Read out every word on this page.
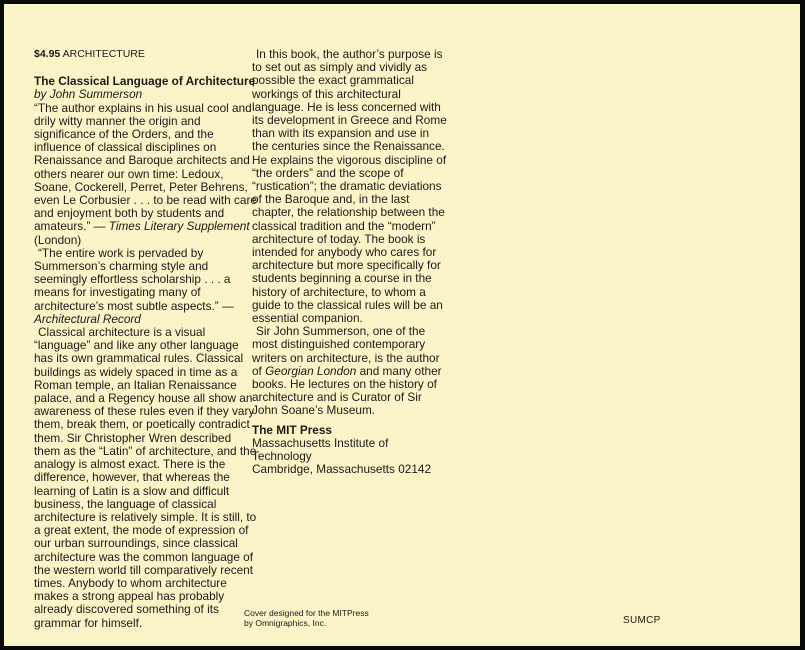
$4.95 ARCHITECTURE

The Classical Language of Architecture

by John Summerson

“The author explains in his usual cool and drily witty manner the origin and significance of the Orders, and the influence of classical disciplines on Renaissance and Baroque architects and others nearer our own time: Ledoux, Soane, Cockerell, Perret, Peter Behrens, even Le Corbusier . . . to be read with care and enjoyment both by students and amateurs.” — Times Literary Supplement (London)

“The entire work is pervaded by Summerson’s charming style and seemingly effortless scholarship . . . a means for investigating many of architecture’s most subtle aspects.” — Architectural Record

Classical architecture is a visual “language” and like any other language has its own grammatical rules. Classical buildings as widely spaced in time as a Roman temple, an Italian Renaissance palace, and a Regency house all show an awareness of these rules even if they vary them, break them, or poetically contradict them. Sir Christopher Wren described them as the “Latin” of architecture, and the analogy is almost exact. There is the difference, however, that whereas the learning of Latin is a slow and difficult business, the language of classical architecture is relatively simple. It is still, to a great extent, the mode of expression of our urban surroundings, since classical architecture was the common language of the western world till comparatively recent times. Anybody to whom architecture makes a strong appeal has probably already discovered something of its grammar for himself.

In this book, the author’s purpose is to set out as simply and vividly as possible the exact grammatical workings of this architectural language. He is less concerned with its development in Greece and Rome than with its expansion and use in the centuries since the Renaissance. He explains the vigorous discipline of “the orders” and the scope of “rustication”; the dramatic deviations of the Baroque and, in the last chapter, the relationship between the classical tradition and the “modern” architecture of today. The book is intended for anybody who cares for architecture but more specifically for students beginning a course in the history of architecture, to whom a guide to the classical rules will be an essential companion.

Sir John Summerson, one of the most distinguished contemporary writers on architecture, is the author of Georgian London and many other books. He lectures on the history of architecture and is Curator of Sir John Soane’s Museum.

The MIT Press

Massachusetts Institute of Technology

Cambridge, Massachusetts 02142

Cover designed for the MITPress
by Omnigraphics, Inc.	SUMCP
